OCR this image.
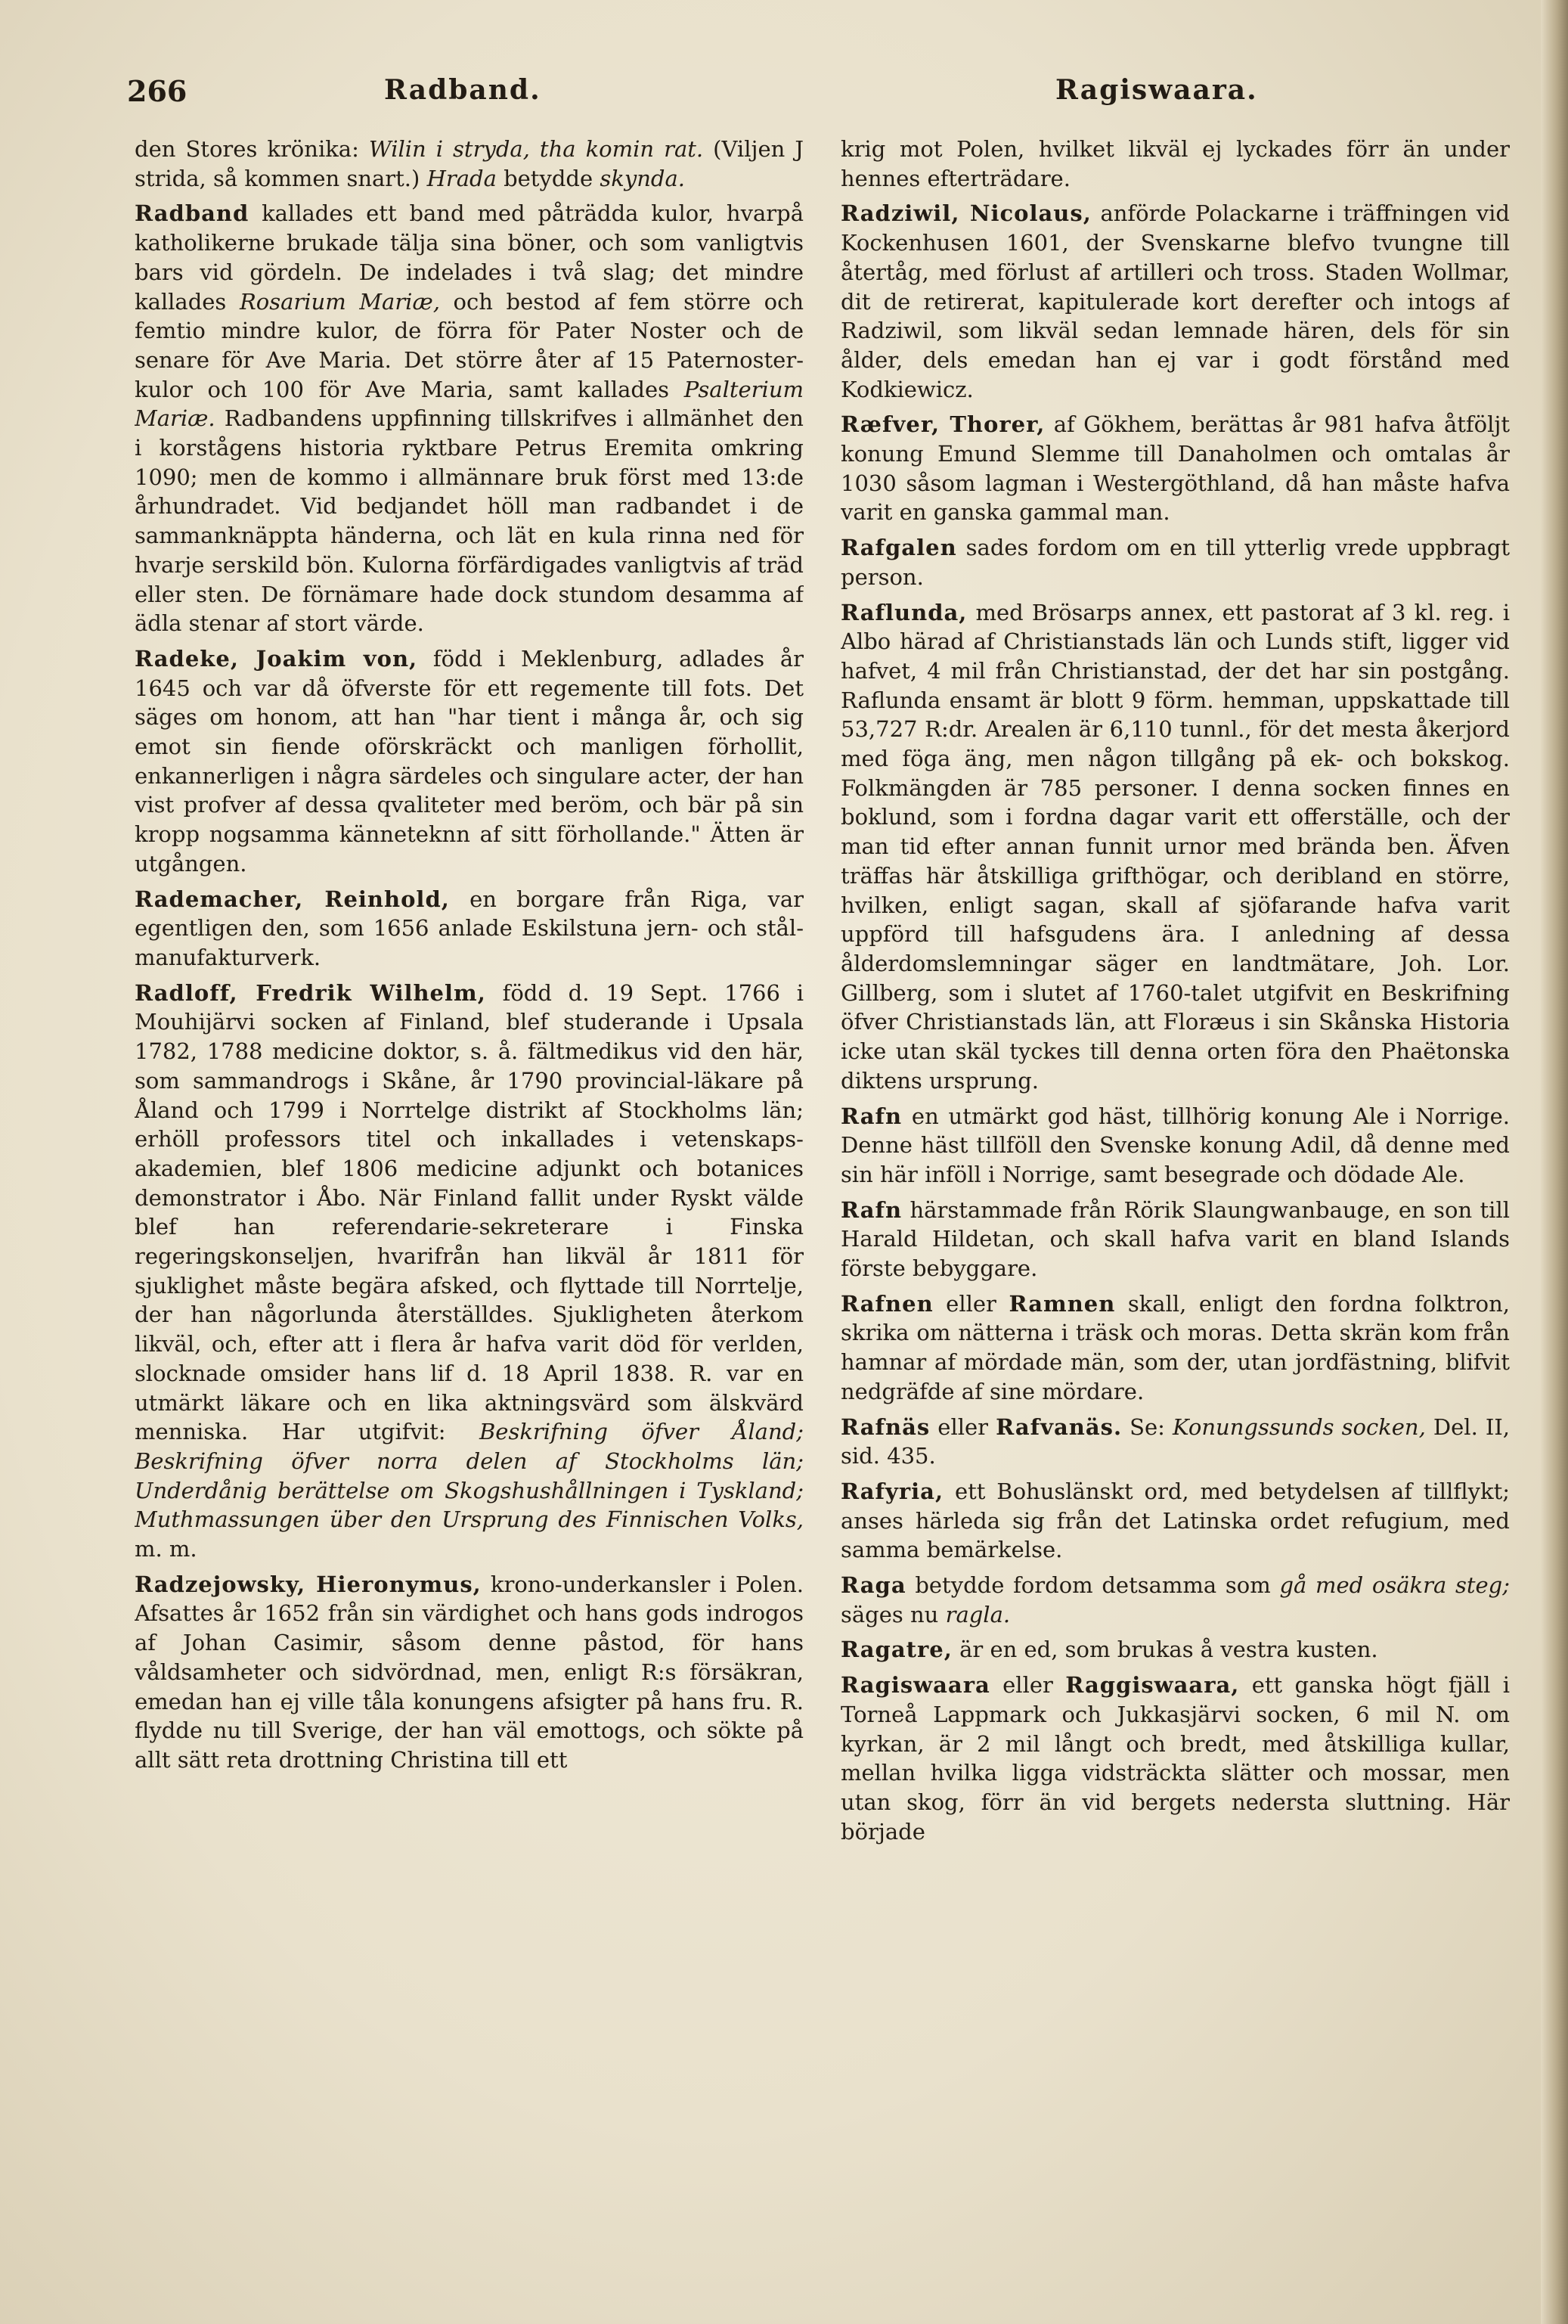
266	Radband.	Ragiswaara.

den Stores krönika: Wilin i stryda, tha komin rat. (Viljen J strida, så kommen snart.) Hrada betydde skynda.

Radband kallades ett band med påträdda kulor, hvarpå katholikerne brukade tälja sina böner, och som vanligtvis bars vid gördeln. De indelades i två slag; det mindre kallades Rosarium Mariæ, och bestod af fem större och femtio mindre kulor, de förra för Pater Noster och de senare för Ave Maria. Det större åter af 15 Paternoster-kulor och 100 för Ave Maria, samt kallades Psalterium Mariæ. Radbandens uppfinning tillskrifves i allmänhet den i korstågens historia ryktbare Petrus Eremita omkring 1090; men de kommo i allmännare bruk först med 13:de århundradet. Vid bedjandet höll man radbandet i de sammanknäppta händerna, och lät en kula rinna ned för hvarje serskild bön. Kulorna förfärdigades vanligtvis af träd eller sten. De förnämare hade dock stundom desamma af ädla stenar af stort värde.

Radeke, Joakim von, född i Meklenburg, adlades år 1645 och var då öfverste för ett regemente till fots. Det säges om honom, att han "har tient i många år, och sig emot sin fiende oförskräckt och manligen förhollit, enkannerligen i några särdeles och singulare acter, der han vist profver af dessa qvaliteter med beröm, och bär på sin kropp nogsamma känneteknn af sitt förhollande." Ätten är utgången.

Rademacher, Reinhold, en borgare från Riga, var egentligen den, som 1656 anlade Eskilstuna jern- och stål-manufakturverk.

Radloff, Fredrik Wilhelm, född d. 19 Sept. 1766 i Mouhijärvi socken af Finland, blef studerande i Upsala 1782, 1788 medicine doktor, s. å. fältmedikus vid den här, som sammandrogs i Skåne, år 1790 provincial-läkare på Åland och 1799 i Norrtelge distrikt af Stockholms län; erhöll professors titel och inkallades i vetenskaps-akademien, blef 1806 medicine adjunkt och botanices demonstrator i Åbo. När Finland fallit under Ryskt välde blef han referendarie-sekreterare i Finska regeringskonseljen, hvarifrån han likväl år 1811 för sjuklighet måste begära afsked, och flyttade till Norrtelje, der han någorlunda återställdes. Sjukligheten återkom likväl, och, efter att i flera år hafva varit död för verlden, slocknade omsider hans lif d. 18 April 1838. R. var en utmärkt läkare och en lika aktningsvärd som älskvärd menniska. Har utgifvit: Beskrifning öfver Åland; Beskrifning öfver norra delen af Stockholms län; Underdånig berättelse om Skogshushållningen i Tyskland; Muthmassungen über den Ursprung des Finnischen Volks, m. m.

Radzejowsky, Hieronymus, krono-underkansler i Polen. Afsattes år 1652 från sin värdighet och hans gods indrogos af Johan Casimir, såsom denne påstod, för hans våldsamheter och sidvördnad, men, enligt R:s försäkran, emedan han ej ville tåla konungens afsigter på hans fru. R. flydde nu till Sverige, der han väl emottogs, och sökte på allt sätt reta drottning Christina till ett

krig mot Polen, hvilket likväl ej lyckades förr än under hennes efterträdare.

Radziwil, Nicolaus, anförde Polackarne i träffningen vid Kockenhusen 1601, der Svenskarne blefvo tvungne till återtåg, med förlust af artilleri och tross. Staden Wollmar, dit de retirerat, kapitulerade kort derefter och intogs af Radziwil, som likväl sedan lemnade hären, dels för sin ålder, dels emedan han ej var i godt förstånd med Kodkiewicz.

Ræfver, Thorer, af Gökhem, berättas år 981 hafva åtföljt konung Emund Slemme till Danaholmen och omtalas år 1030 såsom lagman i Westergöthland, då han måste hafva varit en ganska gammal man.

Rafgalen sades fordom om en till ytterlig vrede uppbragt person.

Raflunda, med Brösarps annex, ett pastorat af 3 kl. reg. i Albo härad af Christianstads län och Lunds stift, ligger vid hafvet, 4 mil från Christianstad, der det har sin postgång. Raflunda ensamt är blott 9 förm. hemman, uppskattade till 53,727 R:dr. Arealen är 6,110 tunnl., för det mesta åkerjord med föga äng, men någon tillgång på ek- och bokskog. Folkmängden är 785 personer. I denna socken finnes en boklund, som i fordna dagar varit ett offerställe, och der man tid efter annan funnit urnor med brända ben. Äfven träffas här åtskilliga grifthögar, och deribland en större, hvilken, enligt sagan, skall af sjöfarande hafva varit uppförd till hafsgudens ära. I anledning af dessa ålderdomslemningar säger en landtmätare, Joh. Lor. Gillberg, som i slutet af 1760-talet utgifvit en Beskrifning öfver Christianstads län, att Floræus i sin Skånska Historia icke utan skäl tyckes till denna orten föra den Phaëtonska diktens ursprung.

Rafn en utmärkt god häst, tillhörig konung Ale i Norrige. Denne häst tillföll den Svenske konung Adil, då denne med sin här inföll i Norrige, samt besegrade och dödade Ale.

Rafn härstammade från Rörik Slaungwanbauge, en son till Harald Hildetan, och skall hafva varit en bland Islands förste bebyggare.

Rafnen eller Ramnen skall, enligt den fordna folktron, skrika om nätterna i träsk och moras. Detta skrän kom från hamnar af mördade män, som der, utan jordfästning, blifvit nedgräfde af sine mördare.

Rafnäs eller Rafvanäs. Se: Konungssunds socken, Del. II, sid. 435.

Rafyria, ett Bohuslänskt ord, med betydelsen af tillflykt; anses härleda sig från det Latinska ordet refugium, med samma bemärkelse.

Raga betydde fordom detsamma som gå med osäkra steg; säges nu ragla.

Ragatre, är en ed, som brukas å vestra kusten.

Ragiswaara eller Raggiswaara, ett ganska högt fjäll i Torneå Lappmark och Jukkasjärvi socken, 6 mil N. om kyrkan, är 2 mil långt och bredt, med åtskilliga kullar, mellan hvilka ligga vidsträckta slätter och mossar, men utan skog, förr än vid bergets nedersta sluttning. Här började
